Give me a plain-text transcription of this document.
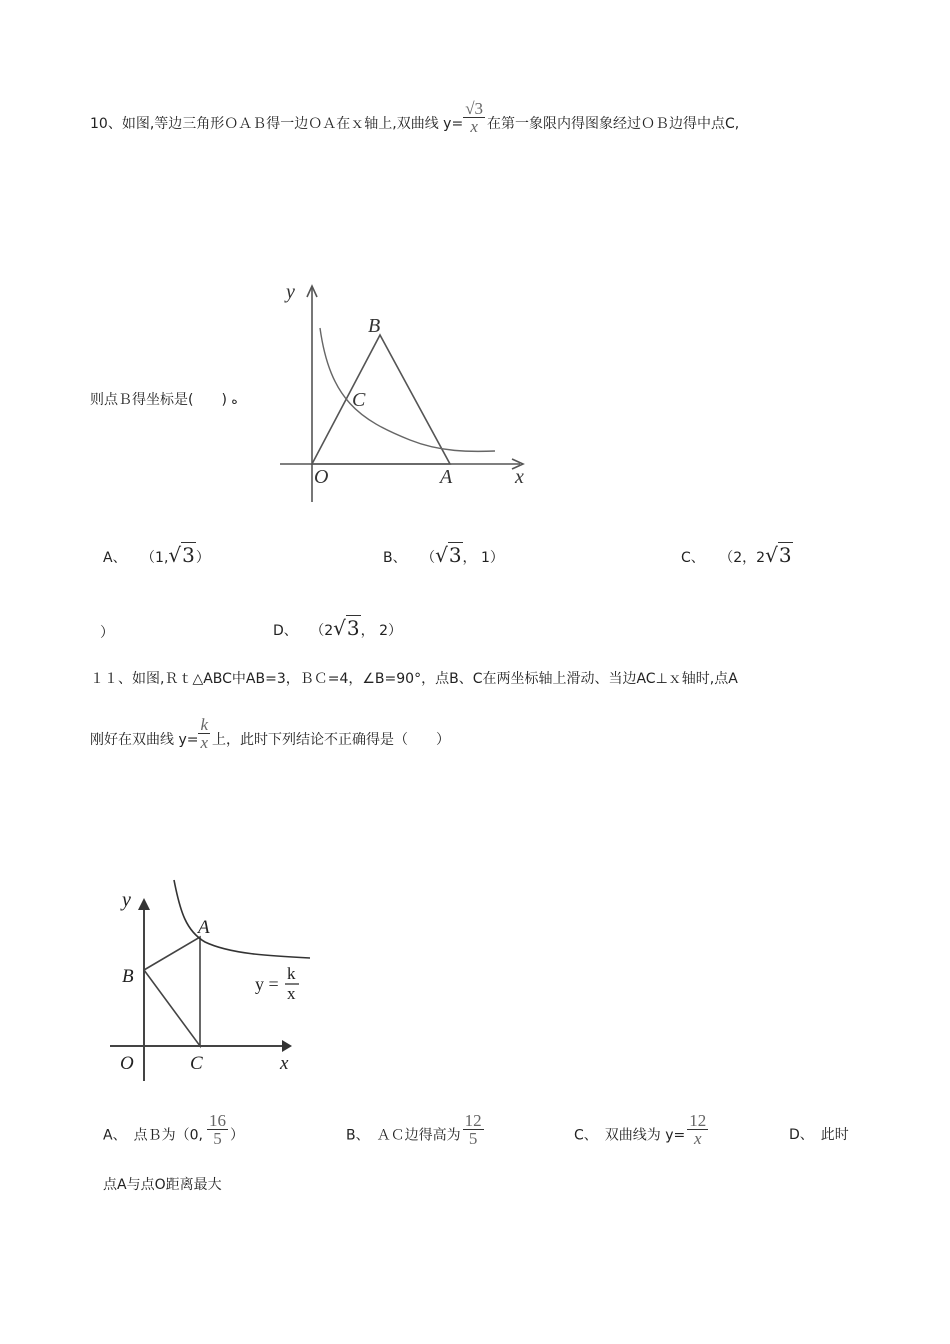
10、如图,等边三角形ＯＡＢ得一边ＯＡ在ｘ轴上,双曲线 $y= \frac{√3}{x}$ 在第一象限内得图象经过ＯＢ边得中点C,
则点Ｂ得坐标是(　　) ه
y
B
C
O	A	x
A、 （1,√3）	B、 （√3， 1）	C、 （2，2√3
）	D、 （2√3， 2）
１１、如图,Ｒｔ△ABC中AB=3，ＢＣ=4，∠B=90°，点B、C在两坐标轴上滑动、当边AC⊥ｘ轴时,点A
刚好在双曲线 $y= \frac{k}{x}$ 上，此时下列结论不正确得是（　　）
y
A
B
O	C	x
y =
k
x
A、　点Ｂ为（0, $\frac{16}{5}$ ）	B、　ＡＣ边得高为 $\frac{12}{5}$	C、　双曲线为 $y= \frac{12}{x}$	D、　此时
点A与点O距离最大
